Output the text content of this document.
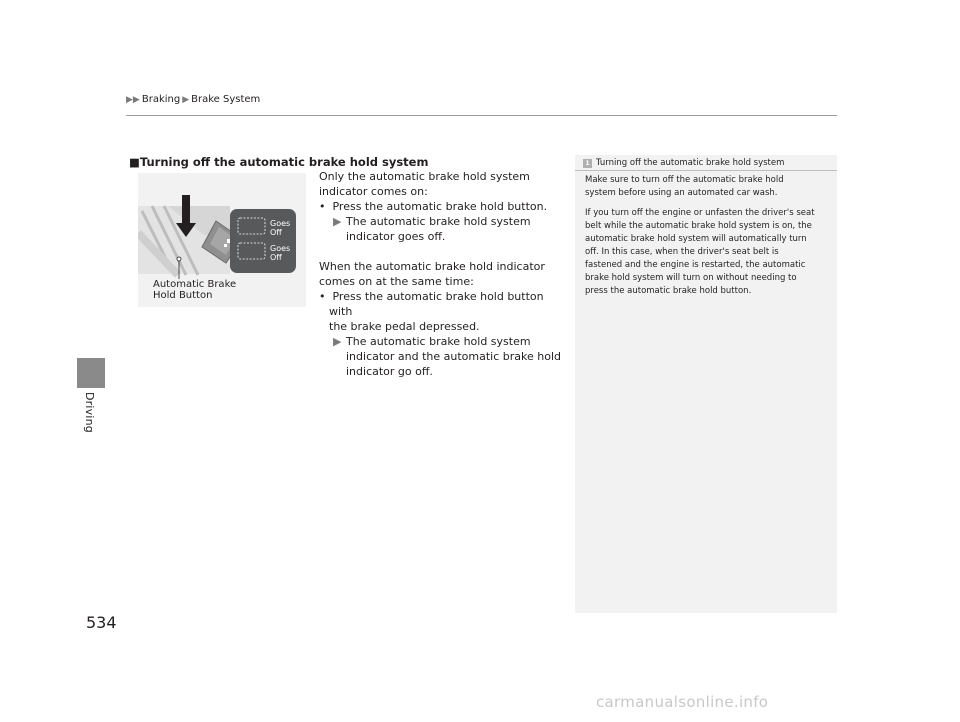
▶▶ Braking ▶ Brake System
Driving
534
■Turning off the automatic brake hold system
Goes
Off
Goes
Off
Automatic Brake
Hold Button

Only the automatic brake hold system

indicator comes on:

•  Press the automatic brake hold button.

▶ The automatic brake hold system

indicator goes off.

When the automatic brake hold indicator

comes on at the same time:

•  Press the automatic brake hold button with

the brake pedal depressed.

▶ The automatic brake hold system

indicator and the automatic brake hold

indicator go off.

1 Turning off the automatic brake hold system

Make sure to turn off the automatic brake hold
system before using an automated car wash.

If you turn off the engine or unfasten the driver's seat
belt while the automatic brake hold system is on, the
automatic brake hold system will automatically turn
off. In this case, when the driver's seat belt is
fastened and the engine is restarted, the automatic
brake hold system will turn on without needing to
press the automatic brake hold button.

carmanualsonline.info
